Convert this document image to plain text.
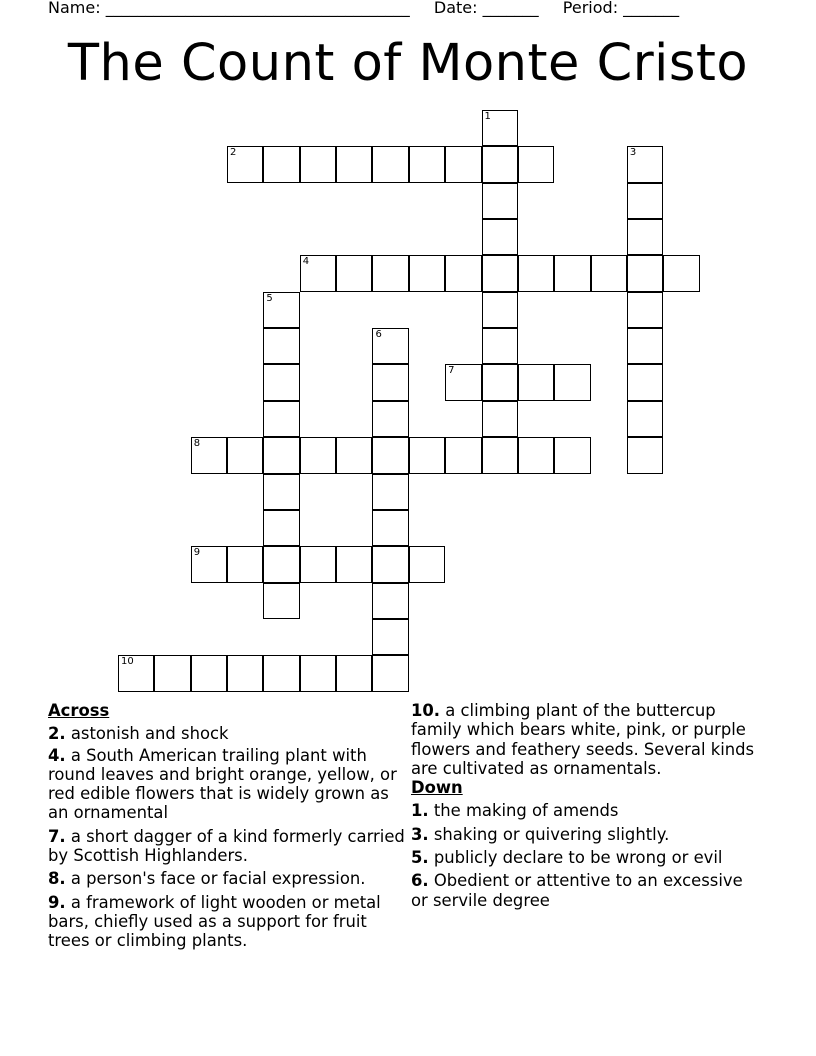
Name: ______________________________________ Date: _______ Period: _______
The Count of Monte Cristo
1
2	3
4
5
6
7
8
9
10
Across
2. astonish and shock
4. a South American trailing plant with round leaves and bright orange, yellow, or red edible flowers that is widely grown as an ornamental
7. a short dagger of a kind formerly carried by Scottish Highlanders.
8. a person's face or facial expression.
9. a framework of light wooden or metal bars, chiefly used as a support for fruit trees or climbing plants.
10. a climbing plant of the buttercup family which bears white, pink, or purple flowers and feathery seeds. Several kinds are cultivated as ornamentals.
Down
1. the making of amends
3. shaking or quivering slightly.
5. publicly declare to be wrong or evil
6. Obedient or attentive to an excessive or servile degree
